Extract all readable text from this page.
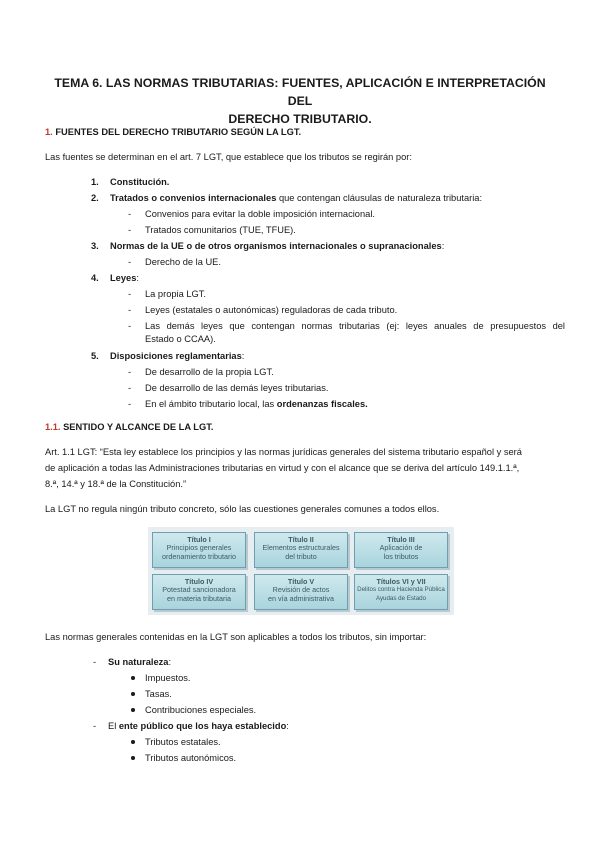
TEMA 6. LAS NORMAS TRIBUTARIAS: FUENTES, APLICACIÓN E INTERPRETACIÓN DEL
DERECHO TRIBUTARIO.
1. FUENTES DEL DERECHO TRIBUTARIO SEGÚN LA LGT.
Las fuentes se determinan en el art. 7 LGT, que establece que los tributos se regirán por:
1. Constitución.
2. Tratados o convenios internacionales que contengan cláusulas de naturaleza tributaria:
- Convenios para evitar la doble imposición internacional.
- Tratados comunitarios (TUE, TFUE).
3. Normas de la UE o de otros organismos internacionales o supranacionales:
- Derecho de la UE.
4. Leyes:
- La propia LGT.
- Leyes (estatales o autonómicas) reguladoras de cada tributo.
- Las demás leyes que contengan normas tributarias (ej: leyes anuales de presupuestos del
Estado o CCAA).
5. Disposiciones reglamentarias:
- De desarrollo de la propia LGT.
- De desarrollo de las demás leyes tributarias.
- En el ámbito tributario local, las ordenanzas fiscales.
1.1. SENTIDO Y ALCANCE DE LA LGT.
Art. 1.1 LGT: “Esta ley establece los principios y las normas jurídicas generales del sistema tributario español y será
de aplicación a todas las Administraciones tributarias en virtud y con el alcance que se deriva del artículo 149.1.1.ª,
8.ª, 14.ª y 18.ª de la Constitución.”
La LGT no regula ningún tributo concreto, sólo las cuestiones generales comunes a todos ellos.
Título I
Principios generales
ordenamiento tributario
Título II
Elementos estructurales
del tributo
Título III
Aplicación de
los tributos
Título IV
Potestad sancionadora
en materia tributaria
Título V
Revisión de actos
en vía administrativa
Títulos VI y VII
Delitos contra Hacienda Pública
Ayudas de Estado
Las normas generales contenidas en la LGT son aplicables a todos los tributos, sin importar:
- Su naturaleza:
Impuestos.
Tasas.
Contribuciones especiales.
- El ente público que los haya establecido:
Tributos estatales.
Tributos autonómicos.
